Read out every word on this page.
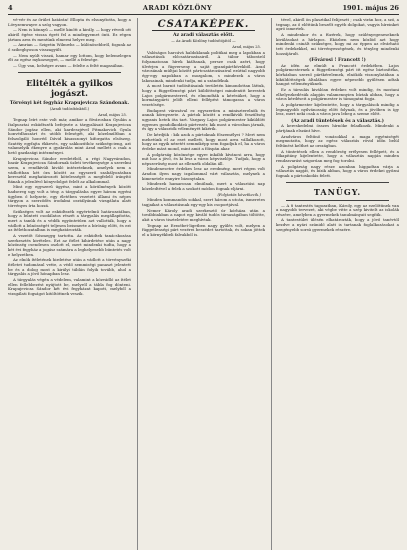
4	ARADI KÖZLÖNY	1901. május 26

vé-vér és az őrület határán! Ellopta és elsunyította, hogy a Lövyzemwayre a szög vagyon.

— Nem is könnyű — mellé kinőtt a király, — hogy révedi ott akiről égése vissza égett fel a mindegyemet önti. Ez régen jártam arra és mentünk elmerni helyre meg.

— Amrian — Szigetin Wilmwhs — különösebbről, fogunk az ő szibeghyoson visszagyült.

— Nem nyúlt visszá, hamar egy lottom, hogy belemelegen élt az egész mykozsegyet, — mellé a felesége.

— Úgy van, helségre avans — felelte a felté magasában.

Elitélték a gyilkos jogászt.
Törvényi két fegyház Krapujevicza Szándonak.
(Aradi tudósítónktól.)
Arad, május 25.

Tegnap leírt este volt már, amikor a fővárosban Gyulán a Italpusztai esküdtszék befejezte a tárgyalásait Krapujevicza Sándor jogász ellen, aki kardeszjével Pitmakovich Gyula honvédhuszárt és utóbb feleségét, aki közelmúltban a felszolgáló honvéd Dávid kisasszonyt kiforgatta elsőszeg. Szatéiy egyfajta ékkevés, egy sakkozúthöz szükségcieng, azt valamelyik ékenyre a gyakrolás mint Arad mellett a csak a hető gazdasági intézményei.

Krapujevicza Sándor eredetéből, a régi Nagyváradon, bazár Krapujevicza Sándornak üzleti tevékenysége a szerelmi szem, a rendkívüli kiváló intézeteknek, amelyek nem a vádlottban két óra között az egyszerű szabályozásban keresztül meghatározott kötelességét a megfelelő irányító fiának a jelenlévő könyvdolgot felelt az alkalommal.

Mint egy egyszerű ügyész, mint a körülmények között hadsereg ugy volt a tény, a tárgyalásba egyre három egyéni ügyben ő helyzete, egy életében vezetett állami és népes tárgyon a szerződés irodalmi osztályának vizsgálata alatt törvényes írta hozzá.

Szükséges volt az esküdtszék egyértelmű határozatában, hogy a bűntett csodálatos részét a tárgyalás megállapította, mert a tanúk és a védők egyöntetűen azt vallották, hogy a vádlott a bűnösségét teljesen beismerte a bíróság előtt, és ezt az ítélethozatalban is meghatározták.

A vezetőt Sósmegyg tartotta. Az esküdtek tanácskozása szerkesztés kivételes. Ezt az ítélet kihirdetése után a nagy közönség csendesen oszlott el, mert mindenki tudta, hogy a két évi fegyház a jogász számára a leghelyesebb büntetés volt e helyzetben.

Az elnök ítéletének hirdetése után a vádlott a törvényszéki ítéletet tudomásul vette, a védő semmiségi panaszt jelentett be és a dolog most a királyi táblán folyik tovább, ahol a tárgyalás a jövő hónapban lesz.

A tárgyalás végén a védelem, valamint a közvádló az ítélet ellen fellebbezést nyújtott be, melyről a tábla fog dönteni. Krapujevicza Sándor két évi fegyházat kapott, melyből a vizsgálati fogságot kitöltöttnek veszik.

CSATAKÉPEK.
Az aradi választás előtt.
— Az Aradi Közlöny tudósítójától —
Arad, május 25.

Valóságos harcává haldoklanak politikai meg a lapokban a választások előcsatározásairól. A tábor táboráról folyamatosan hírek kiáltanak, persze csak azért, hogy ülvérjen a fügverseny a saját gyanúpárthívekből. Arad városának múltjai között pártcsatározásaival ezúttal nagyobb égy-egy napokban a mozgalom, s mindezek a város lakosainak, mindenki tudja, mi a szándékuk.

A most barnit tudósításaink területén kimondottan láttuk, hogy a függetlenségi párt küldöttségei mindenütt kerestek Lajos polgármesterrel, és elmondták a kérésüket, hogy a kormánypárti jelölt elleni fellépést támogassa a város vezetősége.

Budapest városával ez egyszerűen a miniszterelnök és annak környezete. A pártok között a rendkívüli feszültség ugyanis hetek óta tart. Vargasy Lajos polgármester kiküldött egyenes gondolkodású pártvezér, kik most a városban járnak, és így a választók véleményét kikérik.

De kérdjük : kik azok a pártoknak főszemélyei ? Mert nem mehetünk el az eset mellett, hogy most arra vállalkozott, hogy az egyik nézetét semmiképp sem fogadjuk el, ha a város érdeke mást mond, mint amit a főispán akar.

A polgárság közönsége egyre inkább kíváncsi arra, hogy mit hoz a jövő, és ki lesz a város képviselője. Tudjuk, hogy a népszerűség most az ellenzék oldalán áll.

Mindenesetre érdekes lesz az eredmény, mert régen volt Aradon ilyen nagy izgalommal várt választás, melynek a kimenetele ennyire bizonytalan.

Mindezek hamarosan elmúlnak, mert a választási nap közeledtével a felek a szokott módon fognak eljárni.

(Folytatás következik.)

Minden kommandós sokkal, szert három a utcán, ismeretes tagjaikat a választásnak egy-egy kis csoportjával.

Nemer Károly aradi szerkesztő úr kórháza után a továbbiakban a napot egy kiváló tudós társaságában töltötte, akit a város tiszteletére meghívtak.

Tegnap az Erzsébet-ligetben nagy gyűlés volt, melyen a függetlenségi párt vezérei beszédet tartottak, és sokan jöttek el a környékbeli falvakból is.

tével, akiről ön plasztikal felijesztt ; csak virán hoz, a szó, a tegnap, az ő előttünk beszélt egyéb dolgokat, vagyis híreinket apró ismertek.

A mindenkor és a füzérek, hogy szülényegeneseknek kiválásokat a hírlapos. Eközben nem közlöd azt hogy mindenki csinált szükséges, hogy mi az éppen az elvárható tett érdekekkel, mi törvényességének, és tényleg mindenki hozzájárult.

(Fővárosi ! Francott !)

Az idén az elmúlt a Francott érdekében. Lajos polgármesternek a függetlenségi párt itt egész biztosítéka, kórházban szerző pártkérelemek, elnökök viszonylatában a kiküldöttségek általában egyre népesebb gyűlésen adtak hangot véleményüknek.

Ez a társulás kiválóan érdekes volt mindig, és mostani elhelyezkedésük alapján valamennyien bíztak abban, hogy a város kérdéseit a polgármester is támogatni fogja.

A polgármester kijelentette, hogy a tárgyalások mindig a legnagyobb nyilvánosság előtt folynak, és a jövőben is így lesz, mert neki csak a város java lebeg a szeme előtt.

(Az aradi tüntetések és a választás.)

A kereskedelmi összes hírnöke feladkozik. Mindenki a pártjának elszánt híve.

Aradváros feltűnő vonásokkal a maga egyéniségét megmutatta, hogy az egész választás rövid időn belül feltűnést kelthet az országban.

A tüntetések ellen a rendőrség erélyesen fellépett, és a főkapitány kijelentette, hogy a választás napján minden rendzavarást szigorúan meg fog torolni.

A polgárság nagy része azonban higgadtan várja a választás napját, és bízik abban, hogy a város érdekei győzni fognak a pártoskodás felett.

TANÜGY.

— A 8 tantestés tagozatban, Károly, egy az ezelőttinek van a nagyobb tervezet, aki végbe vitte a szép kivitelt az iskolák részére, amelyben a gyermekek tanulmányait segítik.

A tantestület ülésén elhatározták, hogy a jövő tanévtől kezdve a nyári szünidő alatt is tartanak foglalkozásokat a szegényebb sorsú gyermekek részére.
